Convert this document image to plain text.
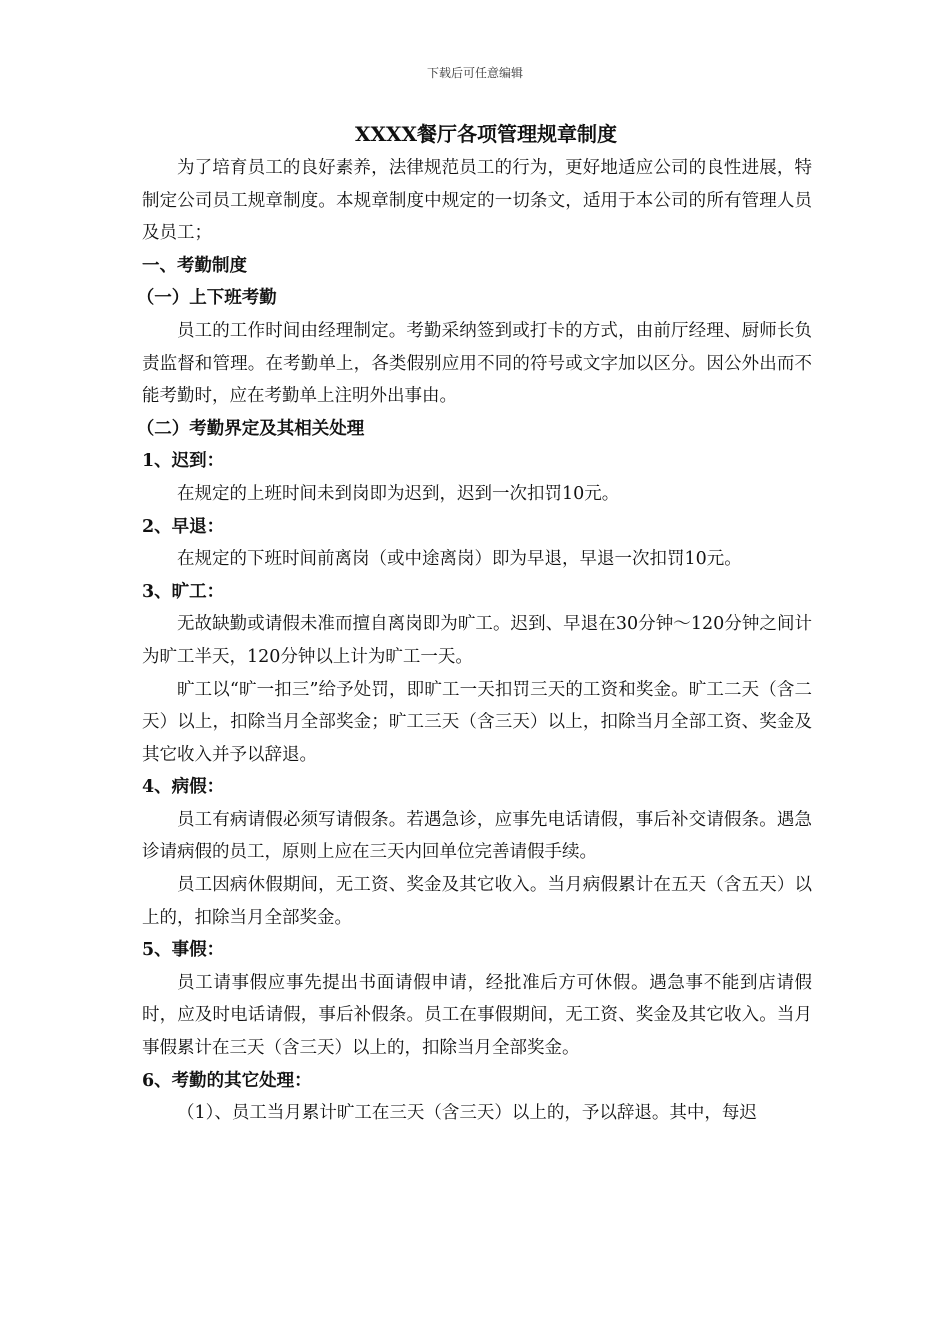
下载后可任意编辑

XXXX餐厅各项管理规章制度

为了培育员工的良好素养，法律规范员工的行为，更好地适应公司的良性进展，特制定公司员工规章制度。本规章制度中规定的一切条文，适用于本公司的所有管理人员及员工；

一、考勤制度

（一）上下班考勤

员工的工作时间由经理制定。考勤采纳签到或打卡的方式，由前厅经理、厨师长负责监督和管理。在考勤单上，各类假别应用不同的符号或文字加以区分。因公外出而不能考勤时，应在考勤单上注明外出事由。

（二）考勤界定及其相关处理

1、迟到：

在规定的上班时间未到岗即为迟到，迟到一次扣罚10元。

2、早退：

在规定的下班时间前离岗（或中途离岗）即为早退，早退一次扣罚10元。

3、旷工：

无故缺勤或请假未准而擅自离岗即为旷工。迟到、早退在30分钟～120分钟之间计为旷工半天，120分钟以上计为旷工一天。

旷工以“旷一扣三”给予处罚，即旷工一天扣罚三天的工资和奖金。旷工二天（含二天）以上，扣除当月全部奖金；旷工三天（含三天）以上，扣除当月全部工资、奖金及其它收入并予以辞退。

4、病假：

员工有病请假必须写请假条。若遇急诊，应事先电话请假，事后补交请假条。遇急诊请病假的员工，原则上应在三天内回单位完善请假手续。

员工因病休假期间，无工资、奖金及其它收入。当月病假累计在五天（含五天）以上的，扣除当月全部奖金。

5、事假：

员工请事假应事先提出书面请假申请，经批准后方可休假。遇急事不能到店请假时，应及时电话请假，事后补假条。员工在事假期间，无工资、奖金及其它收入。当月事假累计在三天（含三天）以上的，扣除当月全部奖金。

6、考勤的其它处理：

（1）、员工当月累计旷工在三天（含三天）以上的，予以辞退。其中，每迟
